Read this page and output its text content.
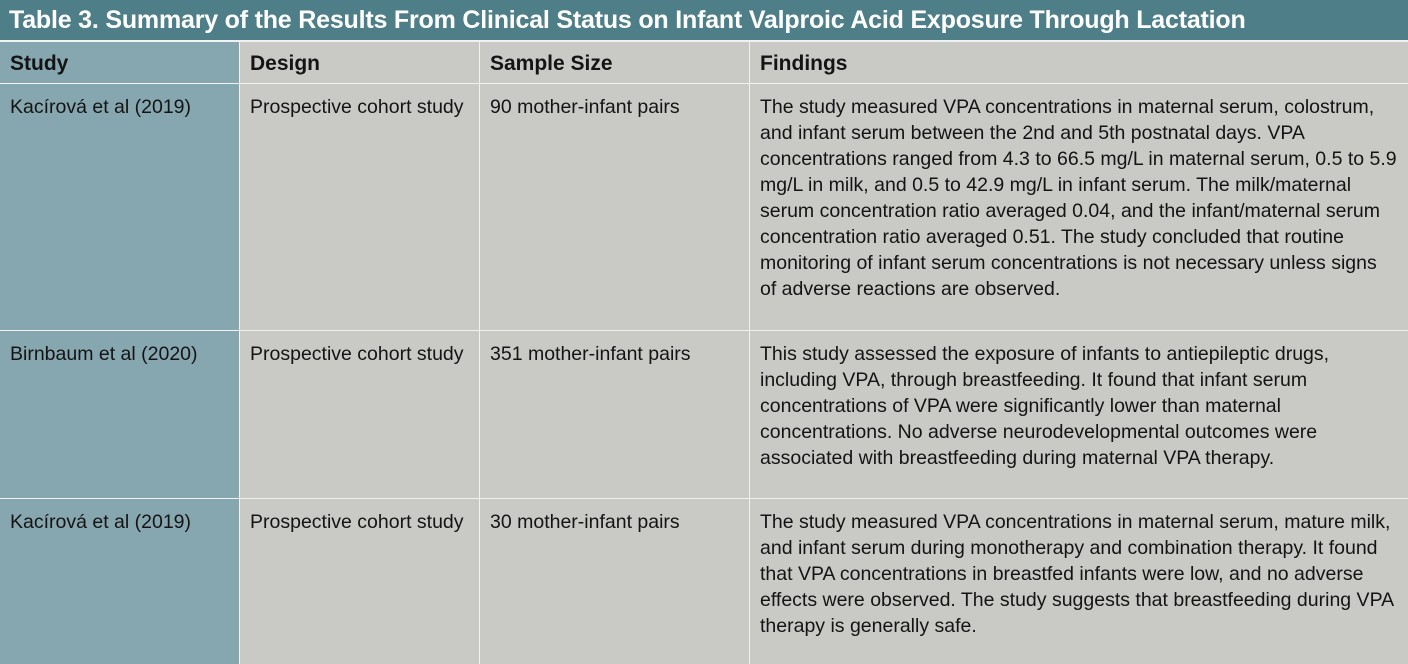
Table 3. Summary of the Results From Clinical Status on Infant Valproic Acid Exposure Through Lactation
Study	Design	Sample Size	Findings
Kacírová et al (2019)	Prospective cohort study	90 mother-infant pairs	The study measured VPA concentrations in maternal serum, colostrum, and infant serum between the 2nd and 5th postnatal days. VPA concentrations ranged from 4.3 to 66.5 mg/L in maternal serum, 0.5 to 5.9 mg/L in milk, and 0.5 to 42.9 mg/L in infant serum. The milk/maternal serum concentration ratio averaged 0.04, and the infant/maternal serum concentration ratio averaged 0.51. The study concluded that routine monitoring of infant serum concentrations is not necessary unless signs of adverse reactions are observed.
Birnbaum et al (2020)	Prospective cohort study	351 mother-infant pairs	This study assessed the exposure of infants to antiepileptic drugs, including VPA, through breastfeeding. It found that infant serum concentrations of VPA were significantly lower than maternal concentrations. No adverse neurodevelopmental outcomes were associated with breastfeeding during maternal VPA therapy.
Kacírová et al (2019)	Prospective cohort study	30 mother-infant pairs	The study measured VPA concentrations in maternal serum, mature milk, and infant serum during monotherapy and combination therapy. It found that VPA concentrations in breastfed infants were low, and no adverse effects were observed. The study suggests that breastfeeding during VPA therapy is generally safe.
